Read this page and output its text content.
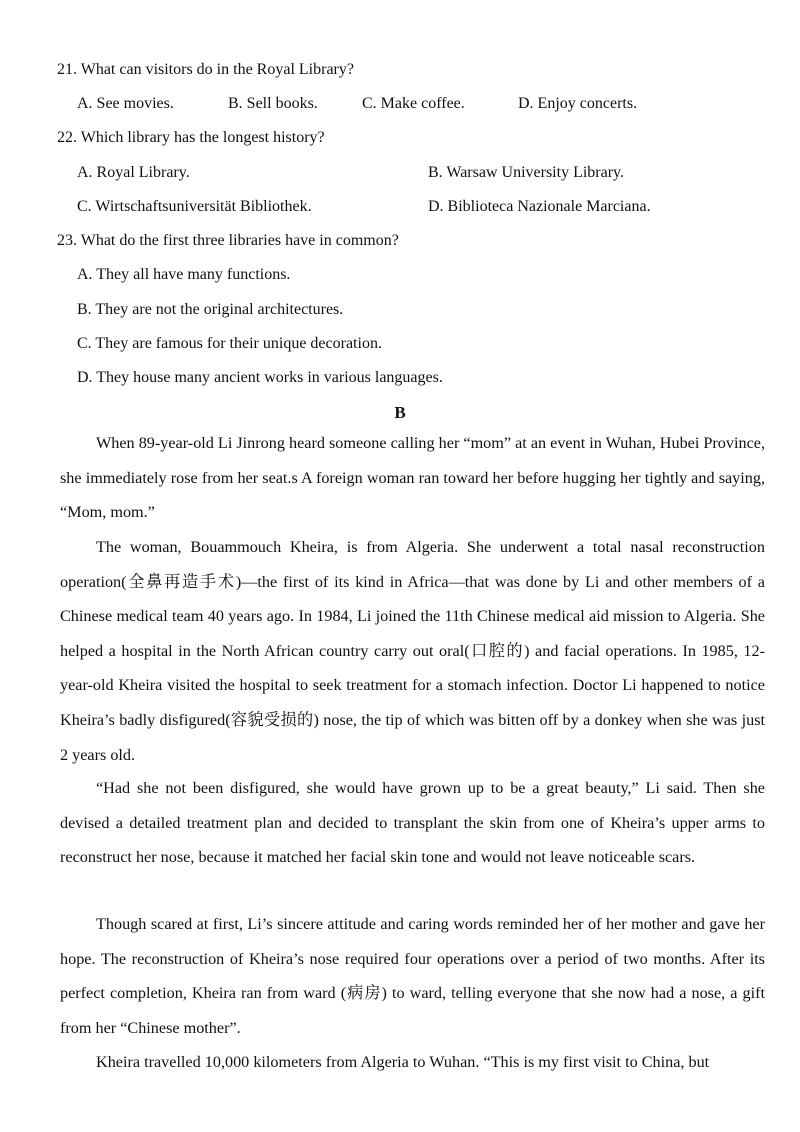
21. What can visitors do in the Royal Library?
A. See movies.	B. Sell books.	C. Make coffee.	D. Enjoy concerts.
22. Which library has the longest history?
A. Royal Library.	B. Warsaw University Library.
C. Wirtschaftsuniversität Bibliothek.	D. Biblioteca Nazionale Marciana.
23. What do the first three libraries have in common?
A. They all have many functions.
B. They are not the original architectures.
C. They are famous for their unique decoration.
D. They house many ancient works in various languages.
B

When 89-year-old Li Jinrong heard someone calling her “mom” at an event in Wuhan, Hubei Province, she immediately rose from her seat.s A foreign woman ran toward her before hugging her tightly and saying, “Mom, mom.”

The woman, Bouammouch Kheira, is from Algeria. She underwent a total nasal reconstruction operation(全鼻再造手术)—the first of its kind in Africa—that was done by Li and other members of a Chinese medical team 40 years ago. In 1984, Li joined the 11th Chinese medical aid mission to Algeria. She helped a hospital in the North African country carry out oral(口腔的) and facial operations. In 1985, 12-year-old Kheira visited the hospital to seek treatment for a stomach infection. Doctor Li happened to notice Kheira’s badly disfigured(容貌受损的) nose, the tip of which was bitten off by a donkey when she was just 2 years old.

“Had she not been disfigured, she would have grown up to be a great beauty,” Li said. Then she devised a detailed treatment plan and decided to transplant the skin from one of Kheira’s upper arms to reconstruct her nose, because it matched her facial skin tone and would not leave noticeable scars.

Though scared at first, Li’s sincere attitude and caring words reminded her of her mother and gave her hope. The reconstruction of Kheira’s nose required four operations over a period of two months. After its perfect completion, Kheira ran from ward (病房) to ward, telling everyone that she now had a nose, a gift from her “Chinese mother”.

Kheira travelled 10,000 kilometers from Algeria to Wuhan. “This is my first visit to China, but
